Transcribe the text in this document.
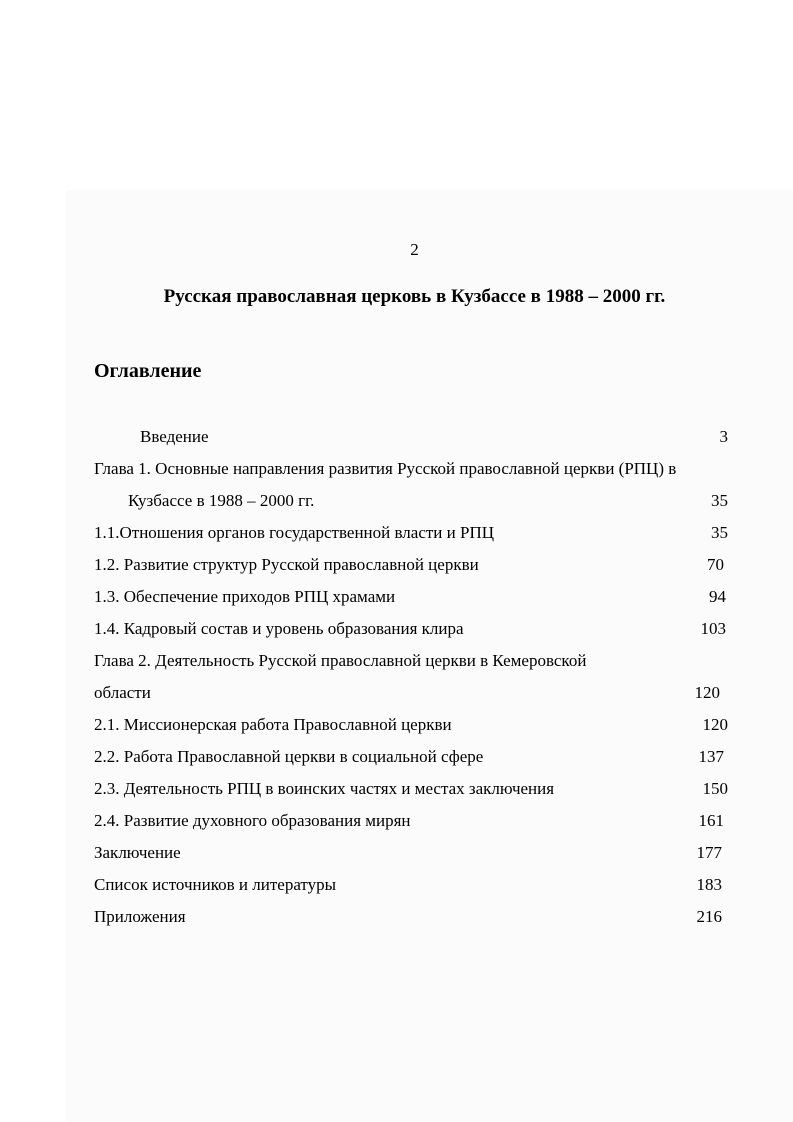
2
Русская православная церковь в Кузбассе в 1988 – 2000 гг.
Оглавление
Введение	3
Глава 1. Основные направления развития Русской православной церкви (РПЦ) в
Кузбассе в 1988 – 2000 гг.	35
1.1.Отношения органов государственной власти и РПЦ	35
1.2. Развитие структур Русской православной церкви	70
1.3. Обеспечение приходов РПЦ храмами	94
1.4. Кадровый состав и уровень образования клира	103
Глава 2. Деятельность Русской православной церкви в Кемеровской
области	120
2.1. Миссионерская работа Православной церкви	120
2.2. Работа Православной церкви в социальной сфере	137
2.3. Деятельность РПЦ в воинских частях и местах заключения	150
2.4. Развитие духовного образования мирян	161
Заключение	177
Список источников и литературы	183
Приложения	216
